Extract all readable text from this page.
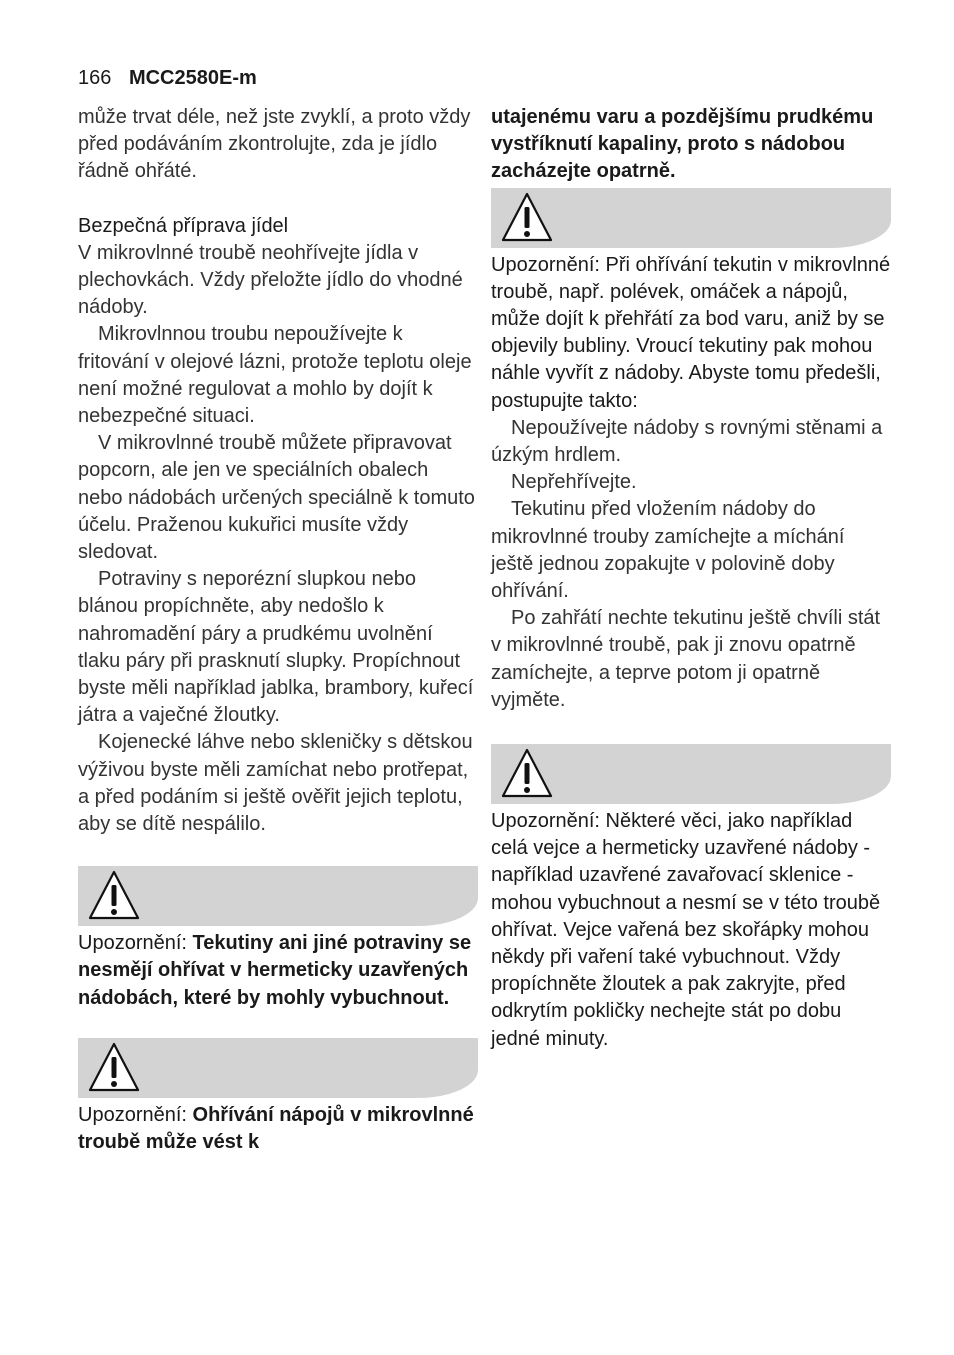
166 MCC2580E-m

může trvat déle, než jste zvyklí, a proto vždy před podáváním zkontrolujte, zda je jídlo řádně ohřáté.

Bezpečná příprava jídel

V mikrovlnné troubě neohřívejte jídla v plechovkách. Vždy přeložte jídlo do vhodné nádoby.

Mikrovlnnou troubu nepoužívejte k fritování v olejové lázni, protože teplotu oleje není možné regulovat a mohlo by dojít k nebezpečné situaci.

V mikrovlnné troubě můžete připravovat popcorn, ale jen ve speciálních obalech nebo nádobách určených speciálně k tomuto účelu. Praženou kukuřici musíte vždy sledovat.

Potraviny s neporézní slupkou nebo blánou propíchněte, aby nedošlo k nahromadění páry a prudkému uvolnění tlaku páry při prasknutí slupky. Propíchnout byste měli například jablka, brambory, kuřecí játra a vaječné žloutky.

Kojenecké láhve nebo skleničky s dětskou výživou byste měli zamíchat nebo protřepat, a před podáním si ještě ověřit jejich teplotu, aby se dítě nespálilo.

Upozornění: Tekutiny ani jiné potraviny se nesmějí ohřívat v hermeticky uzavřených nádobách, které by mohly vybuchnout.

Upozornění: Ohřívání nápojů v mikrovlnné troubě může vést k

utajenému varu a pozdějšímu prudkému vystříknutí kapaliny, proto s nádobou zacházejte opatrně.

Upozornění: Při ohřívání tekutin v mikrovlnné troubě, např. polévek, omáček a nápojů, může dojít k přehřátí za bod varu, aniž by se objevily bubliny. Vroucí tekutiny pak mohou náhle vyvřít z nádoby. Abyste tomu předešli, postupujte takto:

Nepoužívejte nádoby s rovnými stěnami a úzkým hrdlem.

Nepřehřívejte.

Tekutinu před vložením nádoby do mikrovlnné trouby zamíchejte a míchání ještě jednou zopakujte v polovině doby ohřívání.

Po zahřátí nechte tekutinu ještě chvíli stát v mikrovlnné troubě, pak ji znovu opatrně zamíchejte, a teprve potom ji opatrně vyjměte.

Upozornění: Některé věci, jako například celá vejce a hermeticky uzavřené nádoby - například uzavřené zavařovací sklenice - mohou vybuchnout a nesmí se v této troubě ohřívat. Vejce vařená bez skořápky mohou někdy při vaření také vybuchnout. Vždy propíchněte žloutek a pak zakryjte, před odkrytím pokličky nechejte stát po dobu jedné minuty.
